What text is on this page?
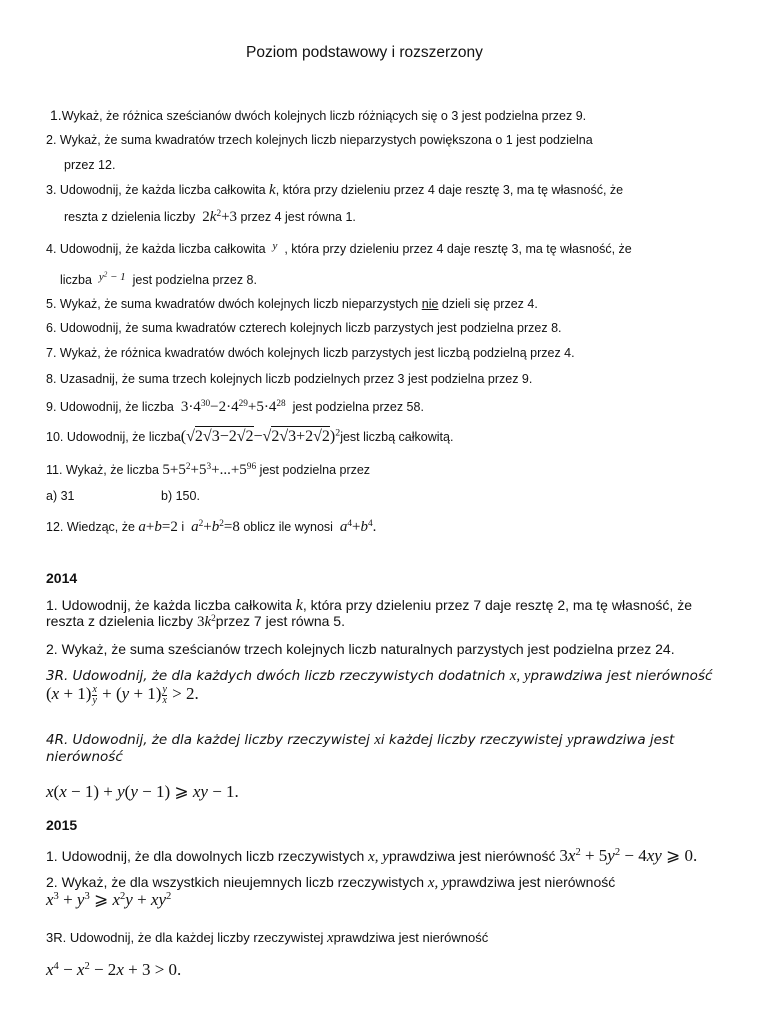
Poziom podstawowy i rozszerzony
1.Wykaż, że różnica sześcianów dwóch kolejnych liczb różniących się o 3 jest podzielna przez 9.
2. Wykaż, że suma kwadratów trzech kolejnych liczb nieparzystych powiększona o 1 jest podzielna
przez 12.
3. Udowodnij, że każda liczba całkowita k, która przy dzieleniu przez 4 daje resztę 3, ma tę własność, że
reszta z dzielenia liczby $2k^2+3$ przez 4 jest równa 1.
4. Udowodnij, że każda liczba całkowita y , która przy dzieleniu przez 4 daje resztę 3, ma tę własność, że
liczba $y^2 - 1$ jest podzielna przez 8.
5. Wykaż, że suma kwadratów dwóch kolejnych liczb nieparzystych nie dzieli się przez 4.
6. Udowodnij, że suma kwadratów czterech kolejnych liczb parzystych jest podzielna przez 8.
7. Wykaż, że różnica kwadratów dwóch kolejnych liczb parzystych jest liczbą podzielną przez 4.
8. Uzasadnij, że suma trzech kolejnych liczb podzielnych przez 3 jest podzielna przez 9.
9. Udowodnij, że liczba $3\cdot 4^{30}-2\cdot 4^{29}+5\cdot 4^{28}$ jest podzielna przez 58.
10. Udowodnij, że $liczba(√2√3-2√2-√2√3+2√2)^2jest$ liczbą całkowitą.
11. Wykaż, że liczba $5+5^2+5^3+...+5^{96}$ jest podzielna przez
a) 31	b) 150.
12. Wiedząc, że a+b=2 i $a^2+b^2=8$ oblicz ile wynosi $a^4+b^4$.
2014
1. Udowodnij, że każda liczba całkowita k, która przy dzieleniu przez 7 daje resztę 2, ma tę własność, że
reszta z dzielenia liczby $3k^2przez$ 7 jest równa 5.
2. Wykaż, że suma sześcianów trzech kolejnych liczb naturalnych parzystych jest podzielna przez 24.
3R. Udowodnij, że dla każdych dwóch liczb rzeczywistych dodatnich x, yprawdziwa jest nierówność
$(x + 1) \frac{x}{y} + (y + 1) \frac{y}{x} > 2$.
4R. Udowodnij, że dla każdej liczby rzeczywistej xi każdej liczby rzeczywistej yprawdziwa jest
nierówność
x(x − 1) + y(y − 1) ⩾ xy − 1.
2015
1. Udowodnij, że dla dowolnych liczb rzeczywistych x, yprawdziwa jest nierówność $3x^2 + 5y^2 - 4xy$ ⩾ 0.
2. Wykaż, że dla wszystkich nieujemnych liczb rzeczywistych x, yprawdziwa jest nierówność
$x^3 + y^3$ ⩾ $x^2y + xy^2$
3R. Udowodnij, że dla każdej liczby rzeczywistej xprawdziwa jest nierówność
$x^4 - x^2 - 2x + 3 > 0$.
